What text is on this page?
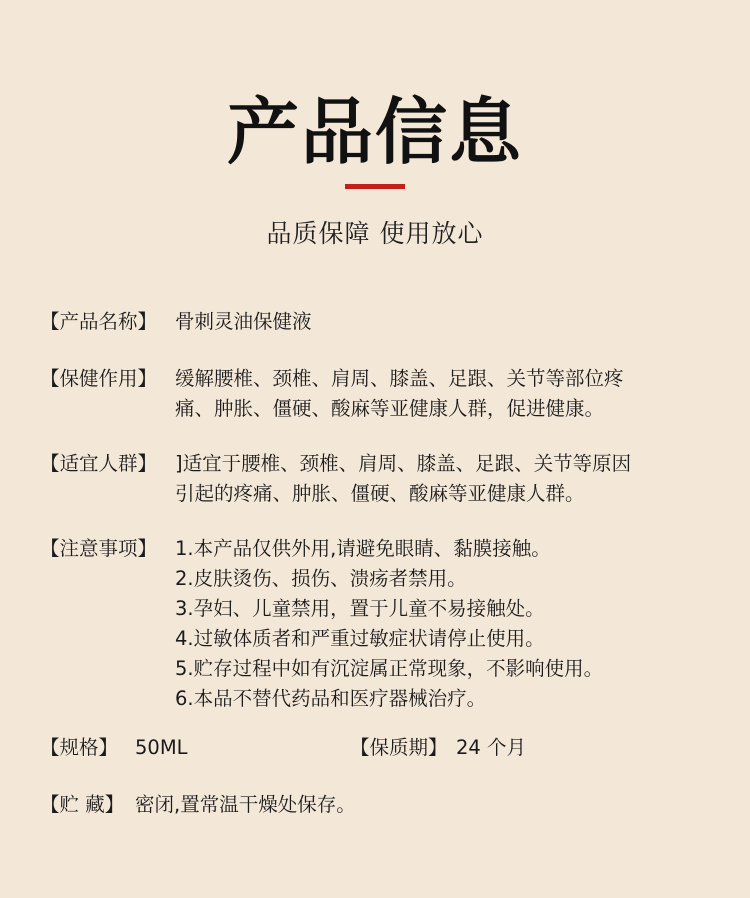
产品信息
品质保障 使用放心
【产品名称】 骨刺灵油保健液
【保健作用】 缓解腰椎、颈椎、肩周、膝盖、足跟、关节等部位疼
痛、肿胀、僵硬、酸麻等亚健康人群，促进健康。
【适宜人群】 ]适宜于腰椎、颈椎、肩周、膝盖、足跟、关节等原因
引起的疼痛、肿胀、僵硬、酸麻等亚健康人群。
【注意事项】 1.本产品仅供外用,请避免眼睛、黏膜接触。
2.皮肤烫伤、损伤、溃疡者禁用。
3.孕妇、儿童禁用，置于儿童不易接触处。
4.过敏体质者和严重过敏症状请停止使用。
5.贮存过程中如有沉淀属正常现象，不影响使用。
6.本品不替代药品和医疗器械治疗。
【规格】 50ML	【保质期】 24 个月
【贮 藏】 密闭,置常温干燥处保存。
